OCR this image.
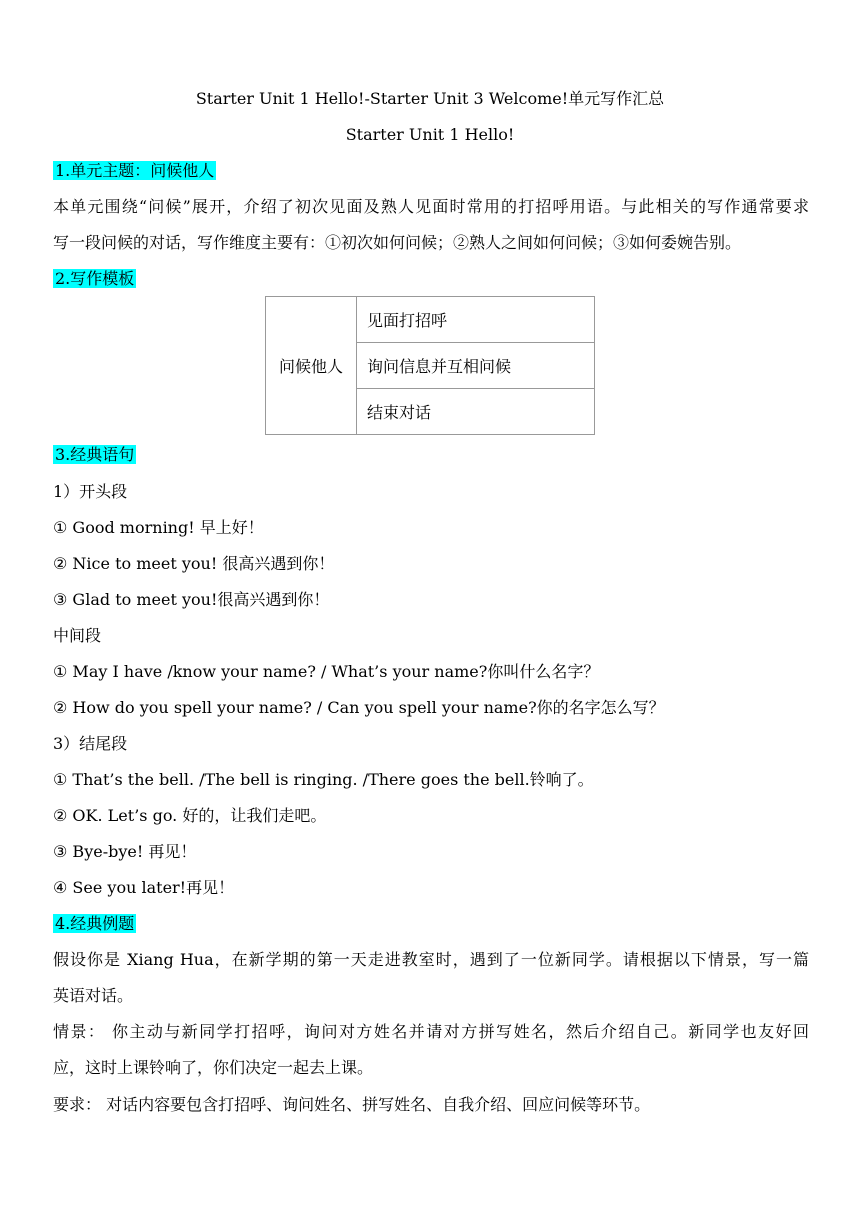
Starter Unit 1 Hello!-Starter Unit 3 Welcome!单元写作汇总
Starter Unit 1 Hello!
1.单元主题：问候他人
本单元围绕“问候”展开，介绍了初次见面及熟人见面时常用的打招呼用语。与此相关的写作通常要求
写一段问候的对话，写作维度主要有：①初次如何问候；②熟人之间如何问候；③如何委婉告别。
2.写作模板
问候他人	见面打招呼
询问信息并互相问候
结束对话
3.经典语句
1）开头段
① Good morning! 早上好！
② Nice to meet you! 很高兴遇到你！
③ Glad to meet you!很高兴遇到你！
中间段
① May I have /know your name? / What’s your name?你叫什么名字？
② How do you spell your name? / Can you spell your name?你的名字怎么写？
3）结尾段
① That’s the bell. /The bell is ringing. /There goes the bell.铃响了。
② OK. Let’s go. 好的，让我们走吧。
③ Bye-bye! 再见！
④ See you later!再见！
4.经典例题
假设你是 Xiang Hua，在新学期的第一天走进教室时，遇到了一位新同学。请根据以下情景，写一篇
英语对话。
情景： 你主动与新同学打招呼，询问对方姓名并请对方拼写姓名，然后介绍自己。新同学也友好回
应，这时上课铃响了，你们决定一起去上课。
要求： 对话内容要包含打招呼、询问姓名、拼写姓名、自我介绍、回应问候等环节。
